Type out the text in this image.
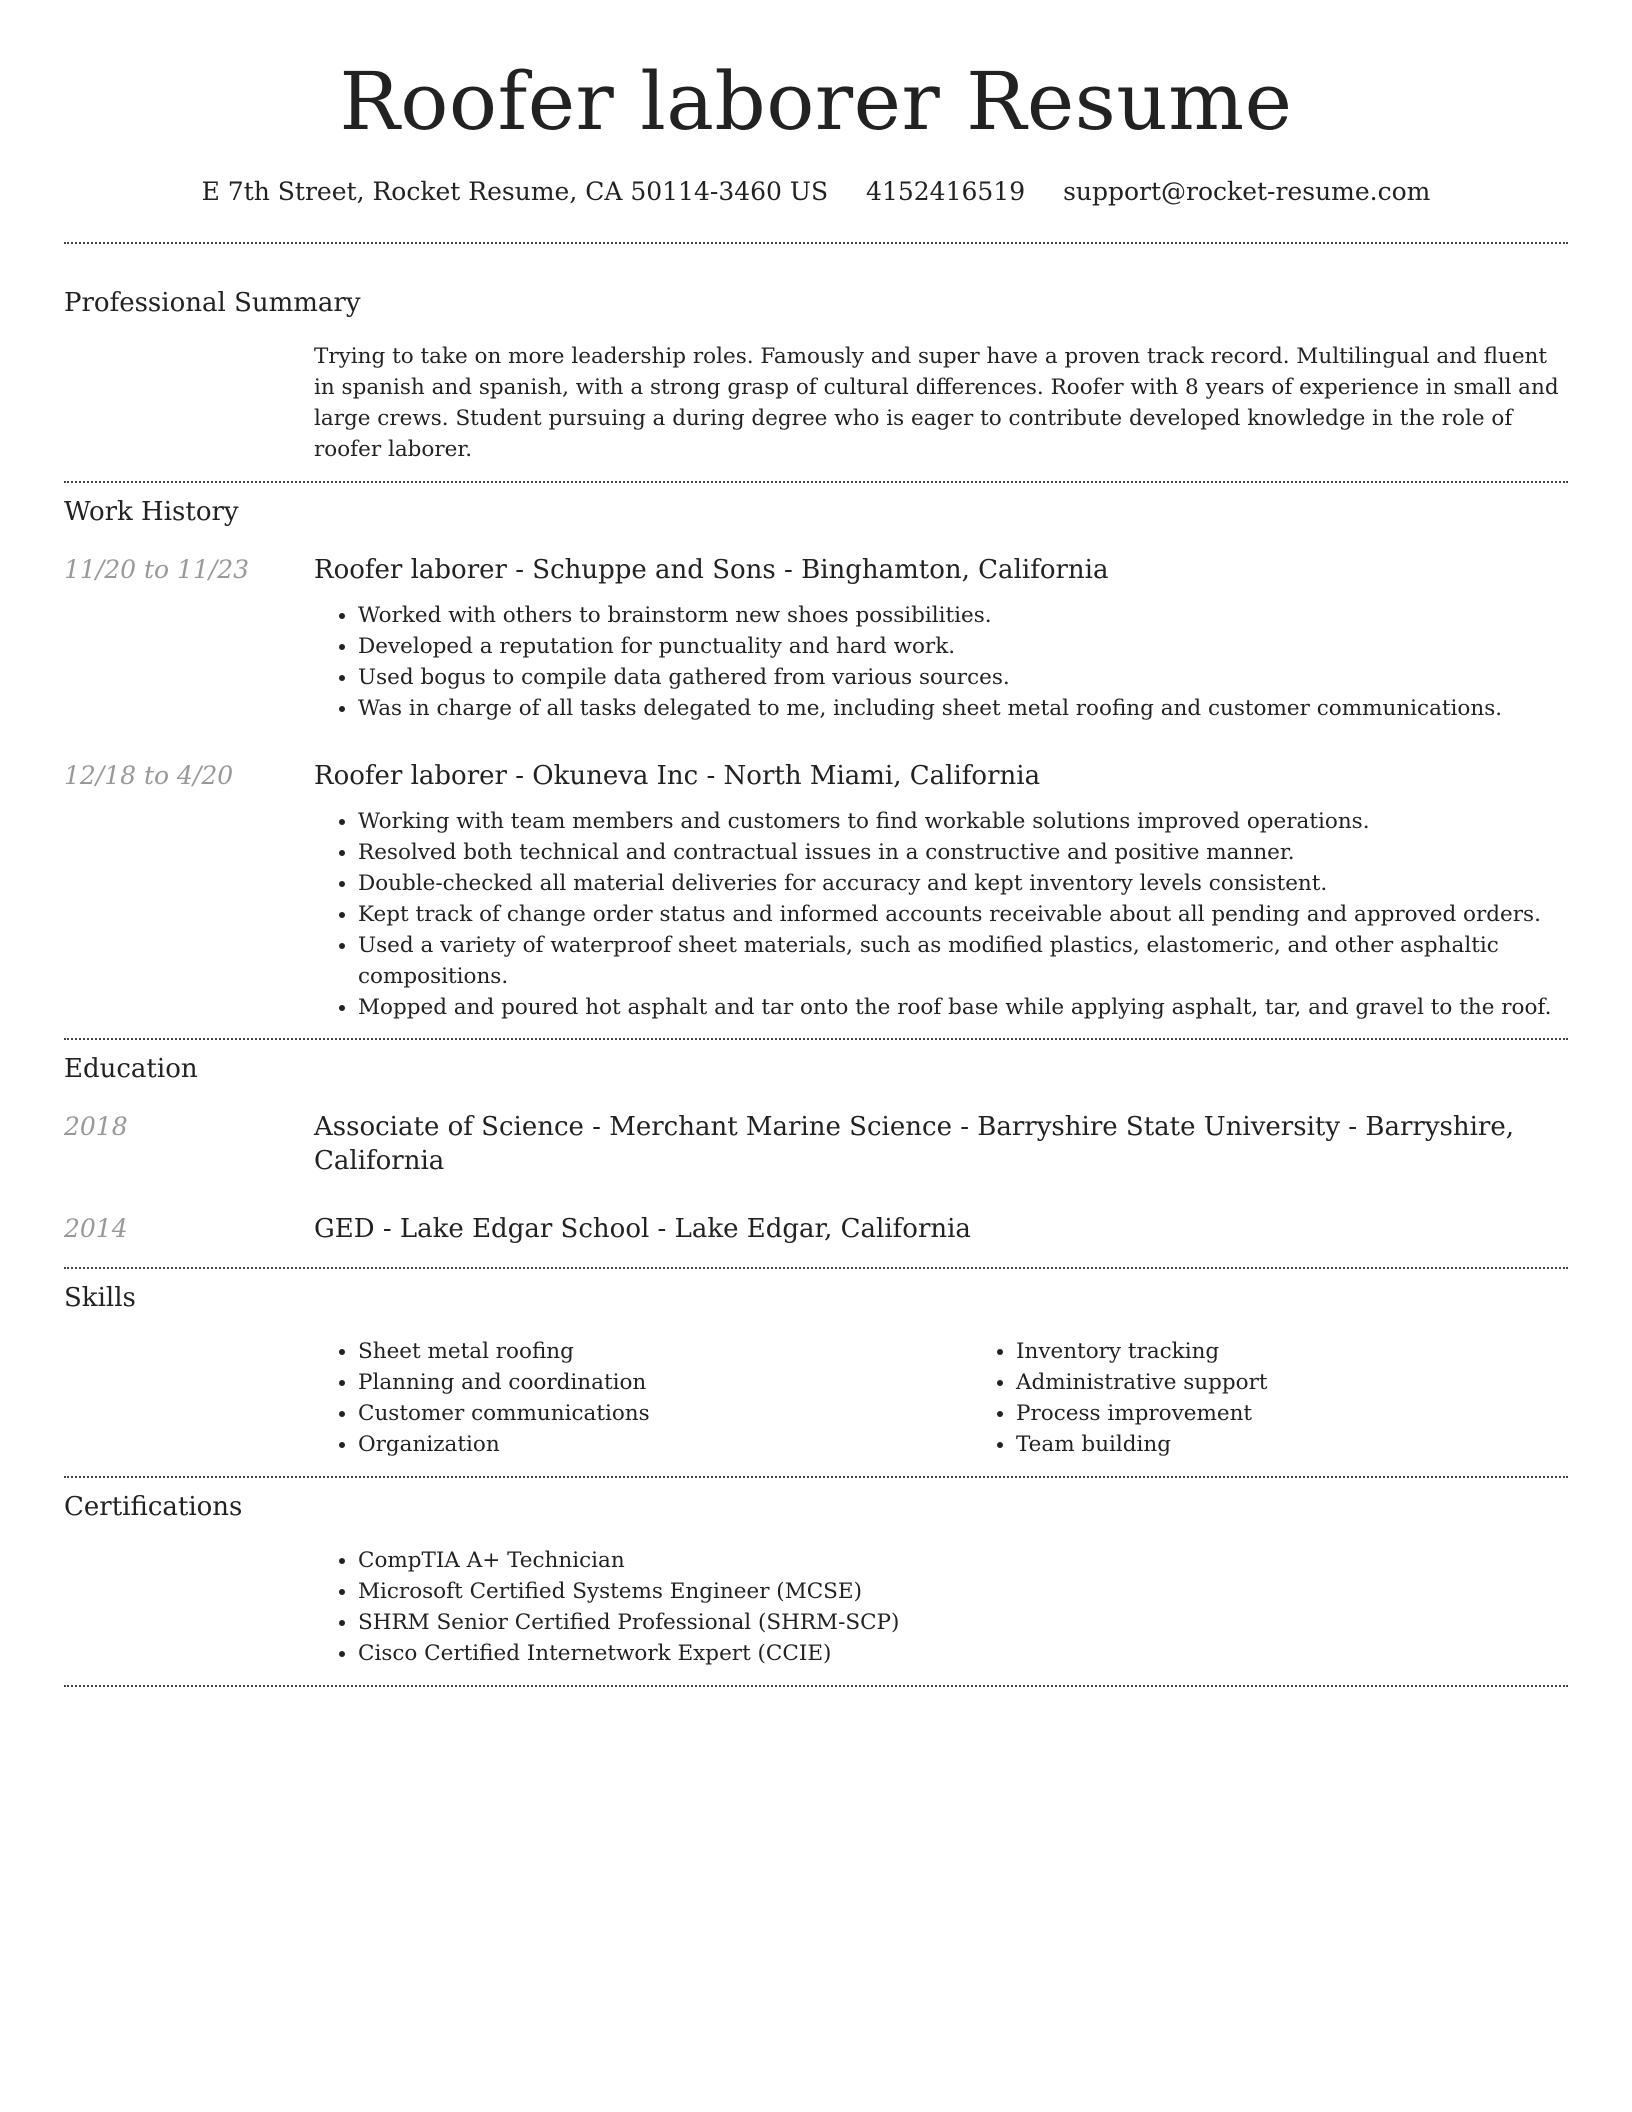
Roofer laborer Resume
E 7th Street, Rocket Resume, CA 50114-3460 US 4152416519 support@rocket-resume.com
Professional Summary
Trying to take on more leadership roles. Famously and super have a proven track record. Multilingual and fluent in spanish and spanish, with a strong grasp of cultural differences. Roofer with 8 years of experience in small and large crews. Student pursuing a during degree who is eager to contribute developed knowledge in the role of roofer laborer.
Work History
11/20 to 11/23	Roofer laborer - Schuppe and Sons - Binghamton, California
• Worked with others to brainstorm new shoes possibilities.
• Developed a reputation for punctuality and hard work.
• Used bogus to compile data gathered from various sources.
• Was in charge of all tasks delegated to me, including sheet metal roofing and customer communications.
12/18 to 4/20	Roofer laborer - Okuneva Inc - North Miami, California
• Working with team members and customers to find workable solutions improved operations.
• Resolved both technical and contractual issues in a constructive and positive manner.
• Double-checked all material deliveries for accuracy and kept inventory levels consistent.
• Kept track of change order status and informed accounts receivable about all pending and approved orders.
• Used a variety of waterproof sheet materials, such as modified plastics, elastomeric, and other asphaltic compositions.
• Mopped and poured hot asphalt and tar onto the roof base while applying asphalt, tar, and gravel to the roof.
Education
2018	Associate of Science - Merchant Marine Science - Barryshire State University - Barryshire, California
2014	GED - Lake Edgar School - Lake Edgar, California
Skills
• Sheet metal roofing
• Planning and coordination
• Customer communications
• Organization
• Inventory tracking
• Administrative support
• Process improvement
• Team building
Certifications
• CompTIA A+ Technician
• Microsoft Certified Systems Engineer (MCSE)
• SHRM Senior Certified Professional (SHRM-SCP)
• Cisco Certified Internetwork Expert (CCIE)
